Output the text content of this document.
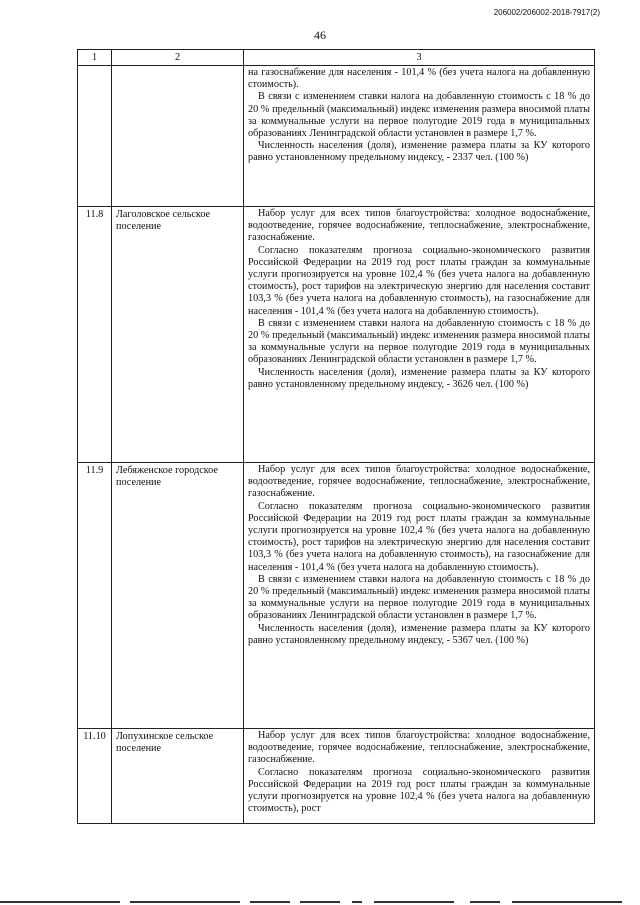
206002/206002-2018-7917(2)
46
1	2	3

		на газоснабжение для населения - 101,4 % (без учета налога на добавленную стоимость).

В связи с изменением ставки налога на добавленную стоимость с 18 % до 20 % предельный (максимальный) индекс изменения размера вносимой платы за коммунальные услуги на первое полугодие 2019 года в муниципальных образованиях Ленинградской области установлен в размере 1,7 %.

Численность населения (доля), изменение размера платы за КУ которого равно установленному предельному индексу, - 2337 чел. (100 %)

11.8	Лаголовское сельское поселение	Набор услуг для всех типов благоустройства: холодное водоснабжение, водоотведение, горячее водоснабжение, теплоснабжение, электроснабжение, газоснабжение.

Согласно показателям прогноза социально-экономического развития Российской Федерации на 2019 год рост платы граждан за коммунальные услуги прогнозируется на уровне 102,4 % (без учета налога на добавленную стоимость), рост тарифов на электрическую энергию для населения составит 103,3 % (без учета налога на добавленную стоимость), на газоснабжение для населения - 101,4 % (без учета налога на добавленную стоимость).

В связи с изменением ставки налога на добавленную стоимость с 18 % до 20 % предельный (максимальный) индекс изменения размера вносимой платы за коммунальные услуги на первое полугодие 2019 года в муниципальных образованиях Ленинградской области установлен в размере 1,7 %.

Численность населения (доля), изменение размера платы за КУ которого равно установленному предельному индексу, - 3626 чел. (100 %)

11.9	Лебяженское городское поселение	Набор услуг для всех типов благоустройства: холодное водоснабжение, водоотведение, горячее водоснабжение, теплоснабжение, электроснабжение, газоснабжение.

Согласно показателям прогноза социально-экономического развития Российской Федерации на 2019 год рост платы граждан за коммунальные услуги прогнозируется на уровне 102,4 % (без учета налога на добавленную стоимость), рост тарифов на электрическую энергию для населения составит 103,3 % (без учета налога на добавленную стоимость), на газоснабжение для населения - 101,4 % (без учета налога на добавленную стоимость).

В связи с изменением ставки налога на добавленную стоимость с 18 % до 20 % предельный (максимальный) индекс изменения размера вносимой платы за коммунальные услуги на первое полугодие 2019 года в муниципальных образованиях Ленинградской области установлен в размере 1,7 %.

Численность населения (доля), изменение размера платы за КУ которого равно установленному предельному индексу, - 5367 чел. (100 %)

11.10	Лопухинское сельское поселение	Набор услуг для всех типов благоустройства: холодное водоснабжение, водоотведение, горячее водоснабжение, теплоснабжение, электроснабжение, газоснабжение.

Согласно показателям прогноза социально-экономического развития Российской Федерации на 2019 год рост платы граждан за коммунальные услуги прогнозируется на уровне 102,4 % (без учета налога на добавленную стоимость), рост
